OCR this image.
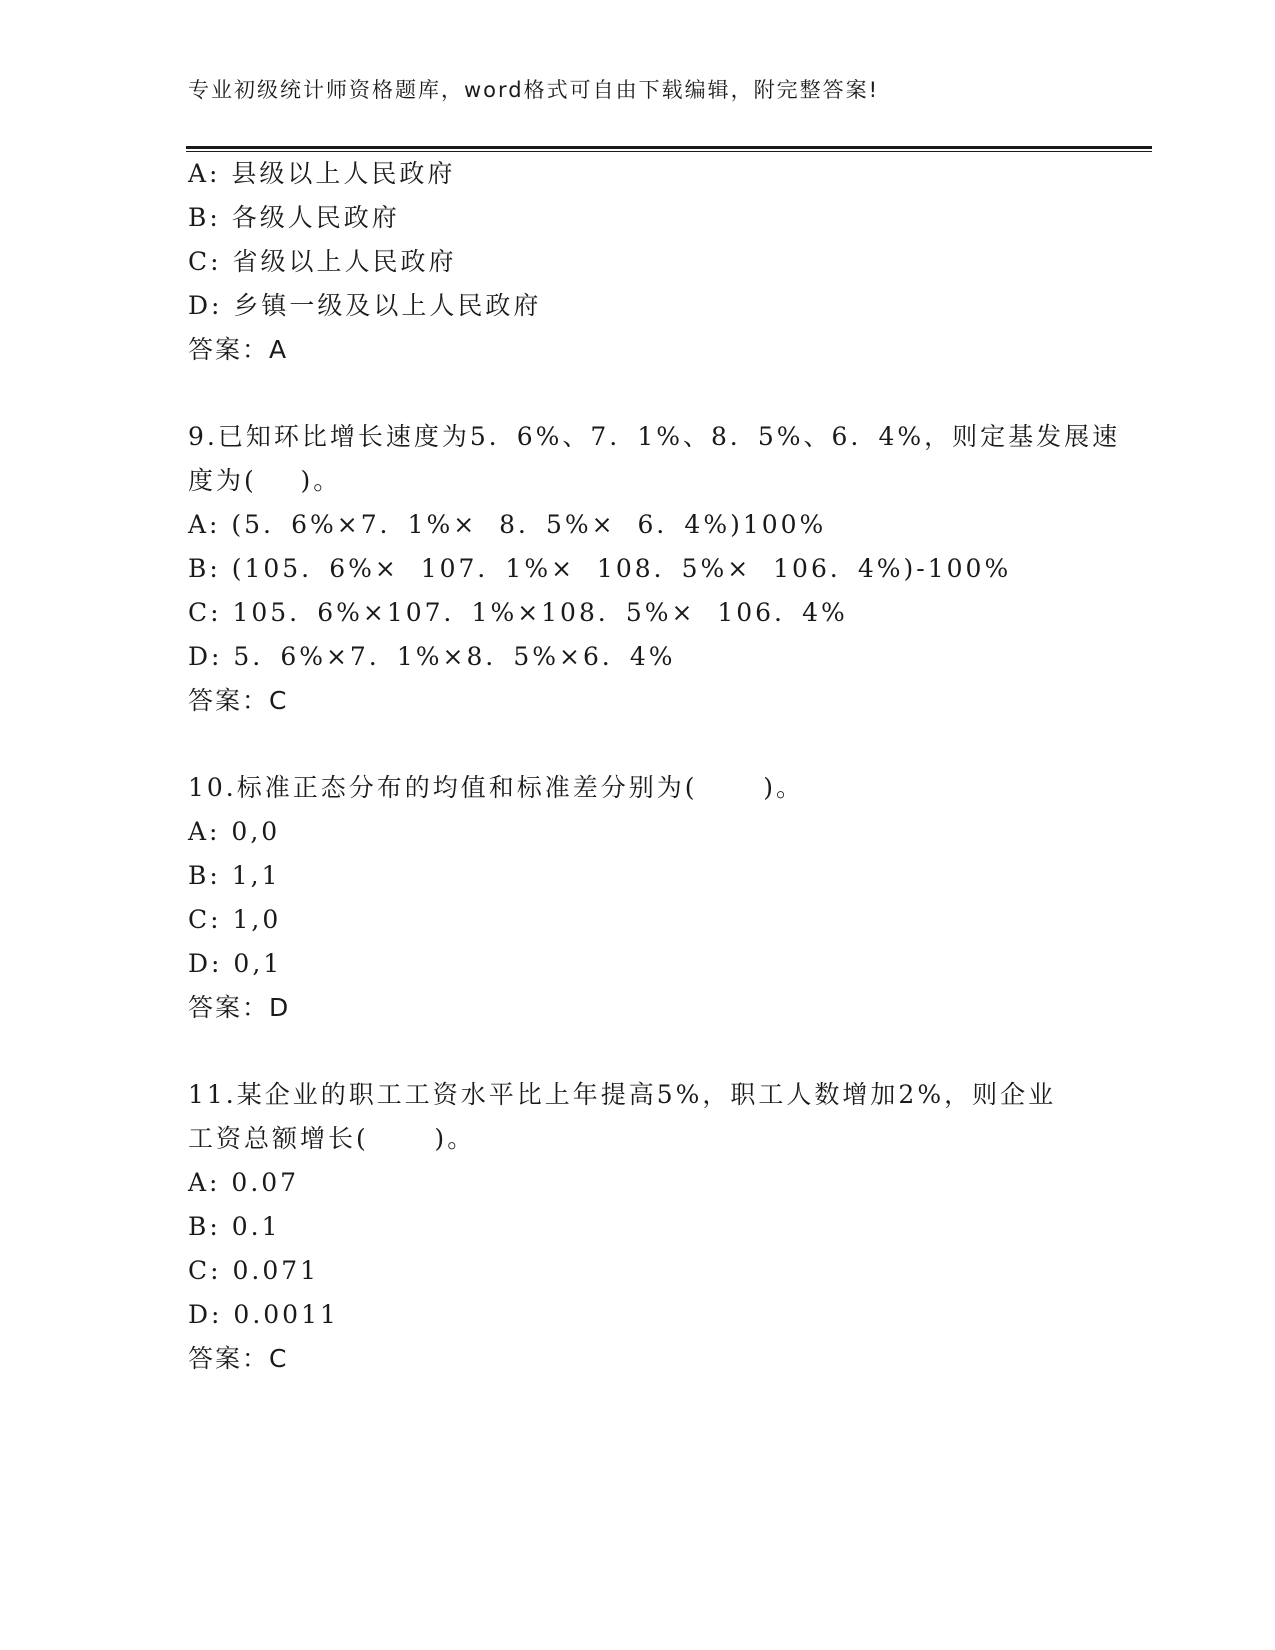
专业初级统计师资格题库，word格式可自由下载编辑，附完整答案!
A: 县级以上人民政府
B: 各级人民政府
C: 省级以上人民政府
D: 乡镇一级及以上人民政府
答案：A
9.已知环比增长速度为5．6%、7．1%、8．5%、6．4%，则定基发展速
度为(    )。
A: (5．6%×7．1%×  8．5%×  6．4%)100%
B: (105．6%×  107．1%×  108．5%×  106．4%)-100%
C: 105．6%×107．1%×108．5%×  106．4%
D: 5．6%×7．1%×8．5%×6．4%
答案：C
10.标准正态分布的均值和标准差分别为(      )。
A: 0,0
B: 1,1
C: 1,0
D: 0,1
答案：D
11.某企业的职工工资水平比上年提高5%，职工人数增加2%，则企业
工资总额增长(      )。
A: 0.07
B: 0.1
C: 0.071
D: 0.0011
答案：C
